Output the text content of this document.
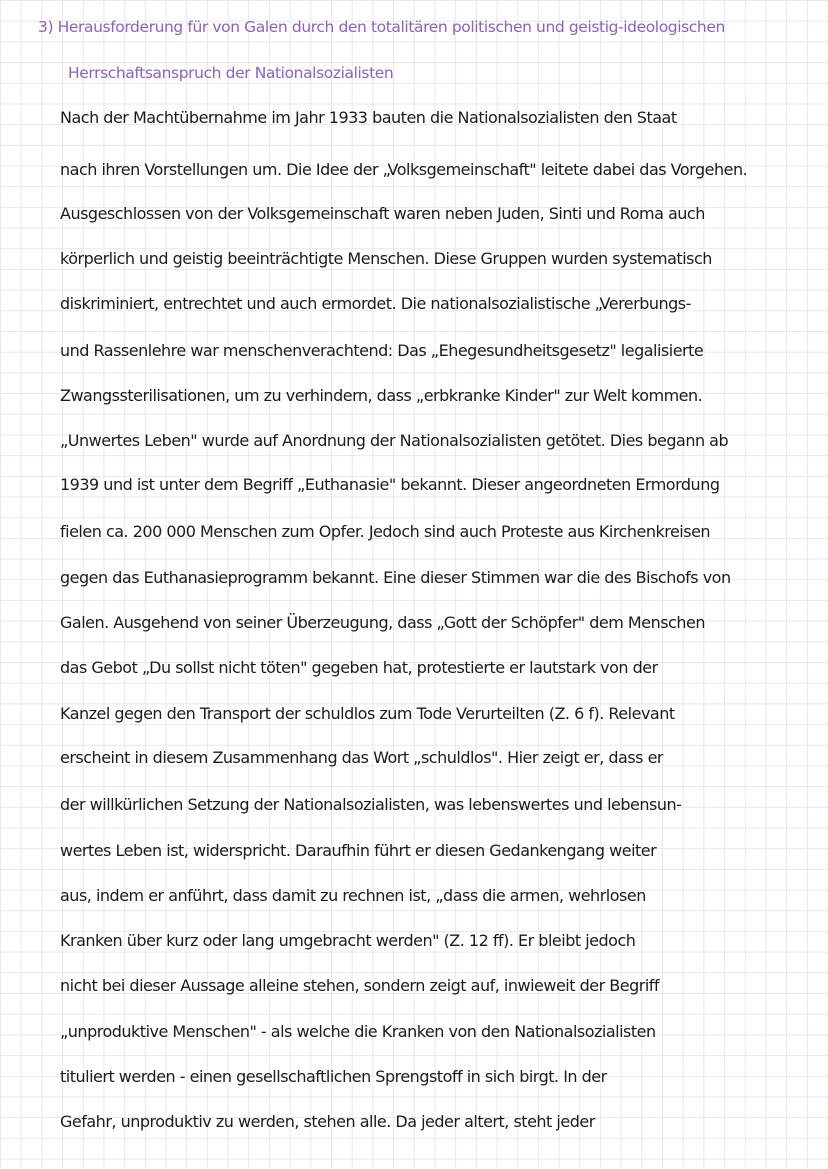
3) Herausforderung für von Galen durch den totalitären politischen und geistig-ideologischen
Herrschaftsanspruch der Nationalsozialisten
Nach der Machtübernahme im Jahr 1933 bauten die Nationalsozialisten den Staat
nach ihren Vorstellungen um. Die Idee der „Volksgemeinschaft" leitete dabei das Vorgehen.
Ausgeschlossen von der Volksgemeinschaft waren neben Juden, Sinti und Roma auch
körperlich und geistig beeinträchtigte Menschen. Diese Gruppen wurden systematisch
diskriminiert, entrechtet und auch ermordet. Die nationalsozialistische „Vererbungs-
und Rassenlehre war menschenverachtend: Das „Ehegesundheitsgesetz" legalisierte
Zwangssterilisationen, um zu verhindern, dass „erbkranke Kinder" zur Welt kommen.
„Unwertes Leben" wurde auf Anordnung der Nationalsozialisten getötet. Dies begann ab
1939 und ist unter dem Begriff „Euthanasie" bekannt. Dieser angeordneten Ermordung
fielen ca. 200 000 Menschen zum Opfer. Jedoch sind auch Proteste aus Kirchenkreisen
gegen das Euthanasieprogramm bekannt. Eine dieser Stimmen war die des Bischofs von
Galen. Ausgehend von seiner Überzeugung, dass „Gott der Schöpfer" dem Menschen
das Gebot „Du sollst nicht töten" gegeben hat, protestierte er lautstark von der
Kanzel gegen den Transport der schuldlos zum Tode Verurteilten (Z. 6 f). Relevant
erscheint in diesem Zusammenhang das Wort „schuldlos". Hier zeigt er, dass er
der willkürlichen Setzung der Nationalsozialisten, was lebenswertes und lebensun-
wertes Leben ist, widerspricht. Daraufhin führt er diesen Gedankengang weiter
aus, indem er anführt, dass damit zu rechnen ist, „dass die armen, wehrlosen
Kranken über kurz oder lang umgebracht werden" (Z. 12 ff). Er bleibt jedoch
nicht bei dieser Aussage alleine stehen, sondern zeigt auf, inwieweit der Begriff
„unproduktive Menschen" - als welche die Kranken von den Nationalsozialisten
tituliert werden - einen gesellschaftlichen Sprengstoff in sich birgt. In der
Gefahr, unproduktiv zu werden, stehen alle. Da jeder altert, steht jeder
